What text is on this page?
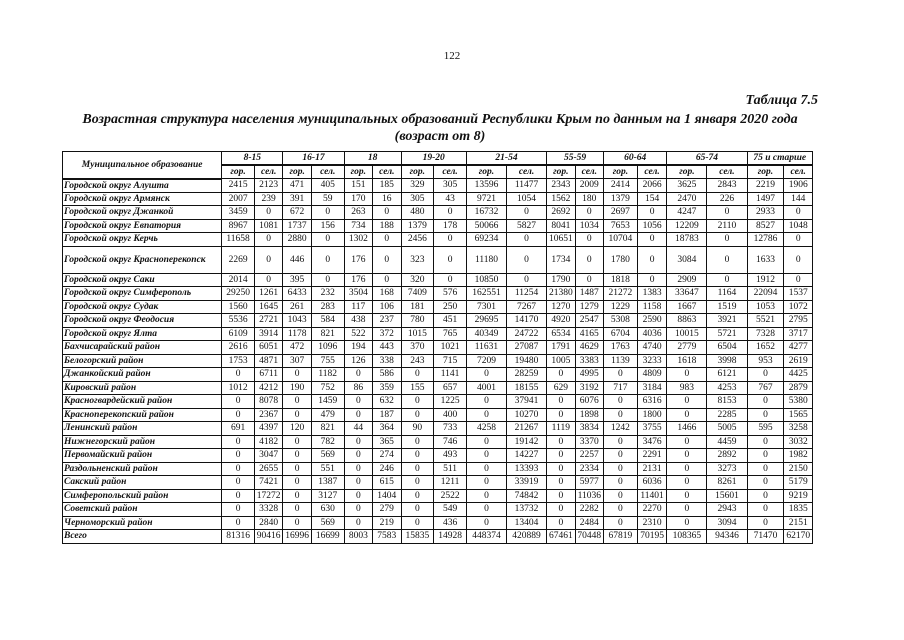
122
Таблица 7.5
Возрастная структура населения муниципальных образований Республики Крым по данным на 1 января 2020 года (возраст от 8)
Муниципальное образование	8-15		16-17		18		19-20		21-54		55-59		60-64		65-74		75 и старше	
	гор.	сел.	гор.	сел.	гор.	сел.	гор.	сел.	гор.	сел.	гор.	сел.	гор.	сел.	гор.	сел.	гор.	сел.
Городской округ Алушта	2415	2123	471	405	151	185	329	305	13596	11477	2343	2009	2414	2066	3625	2843	2219	1906
Городской округ Армянск	2007	239	391	59	170	16	305	43	9721	1054	1562	180	1379	154	2470	226	1497	144
Городской округ Джанкой	3459	0	672	0	263	0	480	0	16732	0	2692	0	2697	0	4247	0	2933	0
Городской округ Евпатория	8967	1081	1737	156	734	188	1379	178	50066	5827	8041	1034	7653	1056	12209	2110	8527	1048
Городской округ Керчь	11658	0	2880	0	1302	0	2456	0	69234	0	10651	0	10704	0	18783	0	12786	0
Городской округ Красноперекопск	2269	0	446	0	176	0	323	0	11180	0	1734	0	1780	0	3084	0	1633	0
Городской округ Саки	2014	0	395	0	176	0	320	0	10850	0	1790	0	1818	0	2909	0	1912	0
Городской округ Симферополь	29250	1261	6433	232	3504	168	7409	576	162551	11254	21380	1487	21272	1383	33647	1164	22094	1537
Городской округ Судак	1560	1645	261	283	117	106	181	250	7301	7267	1270	1279	1229	1158	1667	1519	1053	1072
Городской округ Феодосия	5536	2721	1043	584	438	237	780	451	29695	14170	4920	2547	5308	2590	8863	3921	5521	2795
Городской округ Ялта	6109	3914	1178	821	522	372	1015	765	40349	24722	6534	4165	6704	4036	10015	5721	7328	3717
Бахчисарайский район	2616	6051	472	1096	194	443	370	1021	11631	27087	1791	4629	1763	4740	2779	6504	1652	4277
Белогорский район	1753	4871	307	755	126	338	243	715	7209	19480	1005	3383	1139	3233	1618	3998	953	2619
Джанкойский район	0	6711	0	1182	0	586	0	1141	0	28259	0	4995	0	4809	0	6121	0	4425
Кировский район	1012	4212	190	752	86	359	155	657	4001	18155	629	3192	717	3184	983	4253	767	2879
Красногвардейский район	0	8078	0	1459	0	632	0	1225	0	37941	0	6076	0	6316	0	8153	0	5380
Красноперекопский район	0	2367	0	479	0	187	0	400	0	10270	0	1898	0	1800	0	2285	0	1565
Ленинский район	691	4397	120	821	44	364	90	733	4258	21267	1119	3834	1242	3755	1466	5005	595	3258
Нижнегорский район	0	4182	0	782	0	365	0	746	0	19142	0	3370	0	3476	0	4459	0	3032
Первомайский район	0	3047	0	569	0	274	0	493	0	14227	0	2257	0	2291	0	2892	0	1982
Раздольненский район	0	2655	0	551	0	246	0	511	0	13393	0	2334	0	2131	0	3273	0	2150
Сакский район	0	7421	0	1387	0	615	0	1211	0	33919	0	5977	0	6036	0	8261	0	5179
Симферопольский район	0	17272	0	3127	0	1404	0	2522	0	74842	0	11036	0	11401	0	15601	0	9219
Советский район	0	3328	0	630	0	279	0	549	0	13732	0	2282	0	2270	0	2943	0	1835
Черноморский район	0	2840	0	569	0	219	0	436	0	13404	0	2484	0	2310	0	3094	0	2151
Всего	81316	90416	16996	16699	8003	7583	15835	14928	448374	420889	67461	70448	67819	70195	108365	94346	71470	62170
